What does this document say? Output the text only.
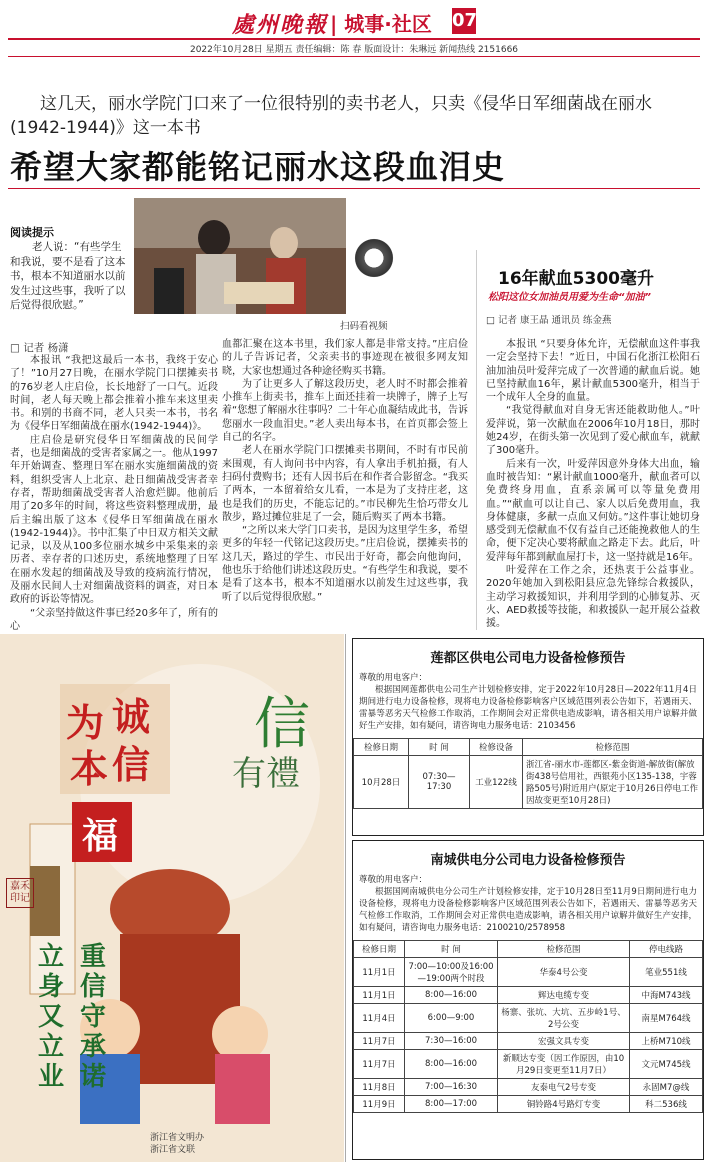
處州晚報 | 城事·社区 07
2022年10月28日 星期五 责任编辑：陈 春 版面设计：朱琳远 新闻热线 2151666
这几天，丽水学院门口来了一位很特别的卖书老人，只卖《侵华日军细菌战在丽水(1942-1944)》这一本书
希望大家都能铭记丽水这段血泪史
阅读提示
老人说：“有些学生和我说，要不是看了这本书，根本不知道丽水以前发生过这些事，我听了以后觉得很欣慰。”
扫码看视频
□ 记者 杨潇

本报讯 “我把这最后一本书，我终于安心了！”10月27日晚，在丽水学院门口摆摊卖书的76岁老人庄启俭，长长地舒了一口气。近段时间，老人每天晚上都会推着小推车来这里卖书。和别的书商不同，老人只卖一本书，书名为《侵华日军细菌战在丽水(1942-1944)》。

庄启俭是研究侵华日军细菌战的民间学者，也是细菌战的受害者家属之一。他从1997年开始调查、整理日军在丽水实施细菌战的资料，组织受害人上北京、赴日细菌战受害者幸存者，帮助细菌战受害者人治愈烂脚。他前后用了20多年的时间，将这些资料整理成册，最后主编出版了这本《侵华日军细菌战在丽水(1942-1944)》。书中汇集了中日双方相关文献记录，以及从100多位丽水城乡中采集来的亲历者、幸存者的口述历史，系统地整理了日军在丽水发起的细菌战及导致的疫病流行情况，及丽水民间人士对细菌战资料的调查，对日本政府的诉讼等情况。

“父亲坚持做这件事已经20多年了，所有的心

血都汇聚在这本书里，我们家人都是非常支持。”庄启俭的儿子告诉记者，父亲卖书的事迹现在被很多网友知晓，大家也想通过各种途径购买书籍。

为了让更多人了解这段历史，老人时不时都会推着小推车上街卖书，推车上面还挂着一块牌子，牌子上写着“您想了解丽水往事吗？二十年心血凝结成此书，告诉您丽水一段血泪史。”老人卖出每本书，在首页都会签上自己的名字。

老人在丽水学院门口摆摊卖书期间，不时有市民前来围观，有人询问书中内容，有人拿出手机拍摄，有人扫码付费购书；还有人因书后在和作者合影留念。“我买了两本，一本留着给女儿看，一本是为了支持庄老，这也是我们的历史，不能忘记的。”市民柳先生恰巧带女儿散步，路过摊位驻足了一会，随后购买了两本书籍。

“之所以来大学门口卖书，是因为这里学生多，希望更多的年轻一代铭记这段历史。”庄启俭说，摆摊卖书的这几天，路过的学生、市民出于好奇，都会向他询问，他也乐于给他们讲述这段历史。“有些学生和我说，要不是看了这本书，根本不知道丽水以前发生过这些事，我听了以后觉得很欣慰。”

16年献血5300毫升
松阳这位女加油员用爱为生命“加油”
□ 记者 康王晶 通讯员 练金燕

本报讯 “只要身体允许，无偿献血这件事我一定会坚持下去！”近日，中国石化浙江松阳石油加油员叶爱萍完成了一次普通的献血后说。她已坚持献血16年，累计献血5300毫升，相当于一个成年人全身的血量。

“我觉得献血对自身无害还能救助他人。”叶爱萍说，第一次献血在2006年10月18日，那时她24岁，在街头第一次见到了爱心献血车，就献了300毫升。

后来有一次，叶爱萍因意外身体大出血，输血时被告知：“累计献血1000毫升，献血者可以免费终身用血，直系亲属可以等量免费用血。”“献血可以让自己、家人以后免费用血，我身体健康，多献一点血又何妨。”这件事让她切身感受到无偿献血不仅有益自己还能挽救他人的生命，便下定决心要将献血之路走下去。此后，叶爱萍每年都到献血屋打卡，这一坚持就是16年。

叶爱萍在工作之余，还热衷于公益事业。2020年她加入到松阳县应急先锋综合救援队，主动学习救援知识，并利用学到的心肺复苏、灭火、AED救援等技能，和救援队一起开展公益救援。

为 诚
本 信
信
有禮
福
嘉禾印记
立身又立业
重信守承诺
浙江省文明办
浙江省文联
莲都区供电公司电力设备检修预告
尊敬的用电客户：

根据国网莲都供电公司生产计划检修安排，定于2022年10月28日—2022年11月4日期间进行电力设备检修，现将电力设备检修影响客户区域范围列表公告如下，若遇雨天、雷暴等恶劣天气检修工作取消，工作期间会对正常供电造成影响，请各相关用户谅解并做好生产安排，如有疑问，请咨询电力服务电话：2103456

检修日期	时 间	检修设备	检修范围
10月28日	07:30—17:30	工业122线	浙江省-丽水市-莲都区-紫金街道-解放街(解放街438号信用社，西银苑小区135-138，宇蓉路505号)附近用户(原定于10月26日停电工作因故变更至10月28日)
南城供电分公司电力设备检修预告
尊敬的用电客户：

根据国网南城供电分公司生产计划检修安排，定于10月28日至11月9日期间进行电力设备检修，现将电力设备检修影响客户区域范围列表公告如下，若遇雨天、雷暴等恶劣天气检修工作取消，工作期间会对正常供电造成影响，请各相关用户谅解并做好生产安排，如有疑问，请咨询电力服务电话：2100210/2578958

检修日期	时 间	检修范围	停电线路
11月1日	7:00—10:00及16:00—19:00两个时段	华泰4号公变	笔业551线
11月1日	8:00—16:00	辉达电缆专变	中海M743线
11月4日	6:00—9:00	杨寨、张坑、大坑、五步岭1号、2号公变	南星M764线
11月7日	7:30—16:00	宏强文具专变	上桥M710线
11月7日	8:00—16:00	新顺达专变（因工作原因，由10月29日变更至11月7日）	文元M745线
11月8日	7:00—16:30	友泰电气2号专变	永固M7@线
11月9日	8:00—17:00	铜铃路4号路灯专变	科二536线
